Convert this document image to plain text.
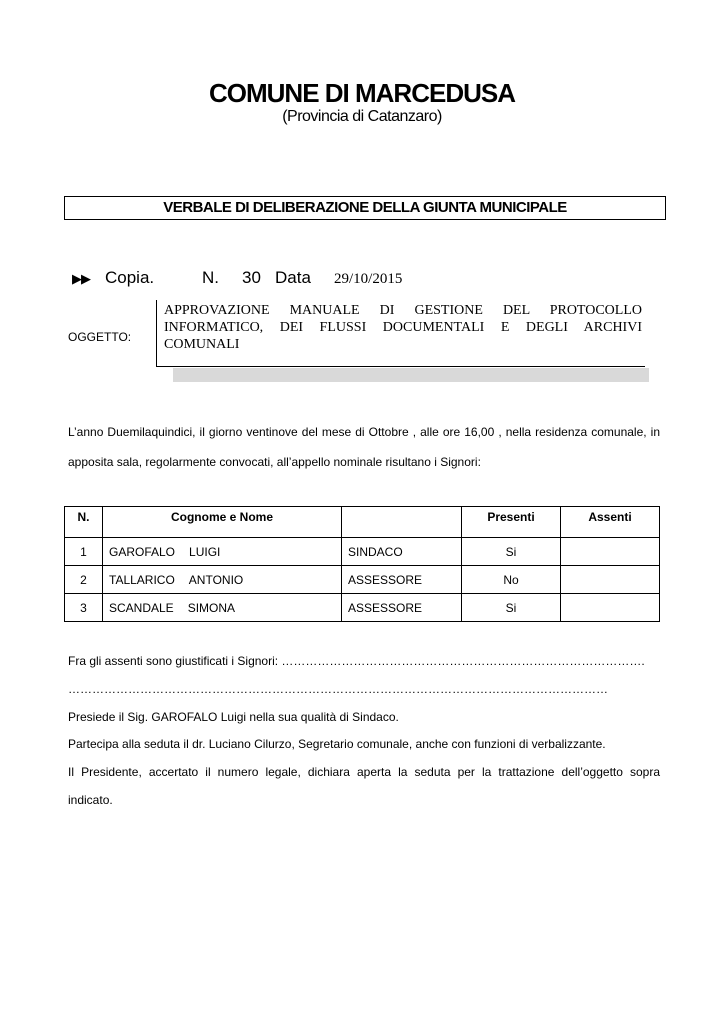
COMUNE DI MARCEDUSA
(Provincia di Catanzaro)
VERBALE DI DELIBERAZIONE DELLA GIUNTA MUNICIPALE
▶▶ Copia.	N. 30 Data 29/10/2015
OGGETTO:
APPROVAZIONE MANUALE DI GESTIONE DEL PROTOCOLLO INFORMATICO, DEI FLUSSI DOCUMENTALI E DEGLI ARCHIVI COMUNALI
L’anno Duemilaquindici, il giorno ventinove del mese di Ottobre , alle ore 16,00 , nella residenza comunale, in
apposita sala, regolarmente convocati, all’appello nominale risultano i Signori:
N.	Cognome e Nome		Presenti	Assenti
1	GAROFALO LUIGI	SINDACO	Si	
2	TALLARICO ANTONIO	ASSESSORE	No	
3	SCANDALE SIMONA	ASSESSORE	Si	
Fra gli assenti sono giustificati i Signori: ……………………………………………………………………………….
………………………………………………………………………………………………………………………
Presiede il Sig. GAROFALO Luigi nella sua qualità di Sindaco.
Partecipa alla seduta il dr. Luciano Cilurzo, Segretario comunale, anche con funzioni di verbalizzante.
Il Presidente, accertato il numero legale, dichiara aperta la seduta per la trattazione dell’oggetto sopra
indicato.
